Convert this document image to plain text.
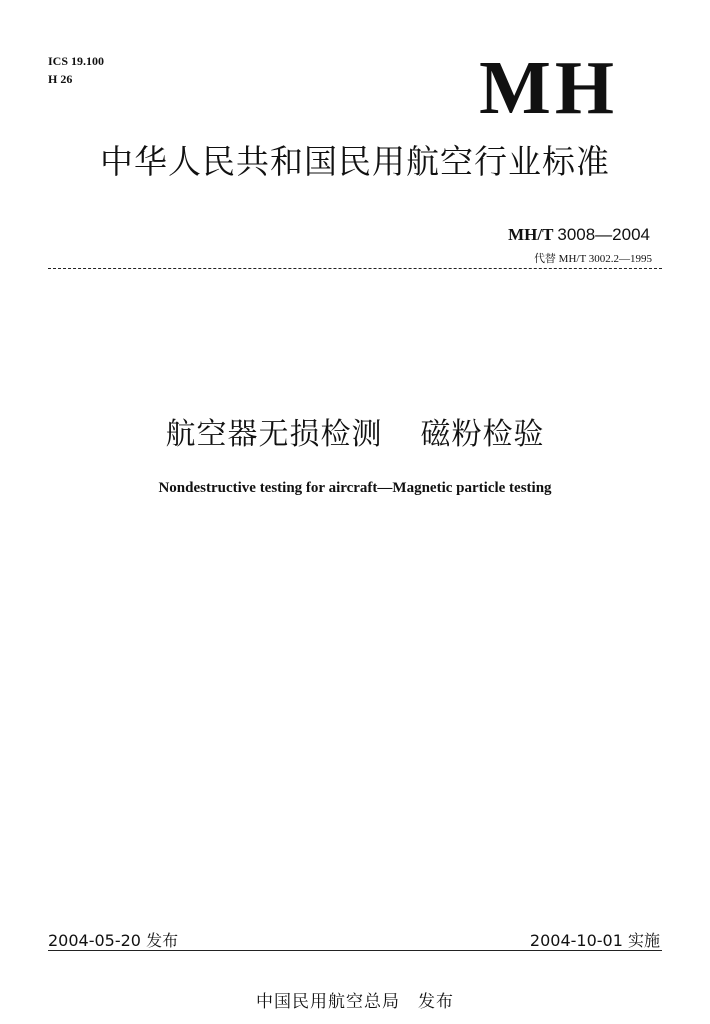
ICS 19.100
H 26	MH
中华人民共和国民用航空行业标准
MH/T 3008—2004
代替 MH/T 3002.2—1995
航空器无损检测 磁粉检验
Nondestructive testing for aircraft—Magnetic particle testing
2004-05-20 发布	2004-10-01 实施
中国民用航空总局 发布
